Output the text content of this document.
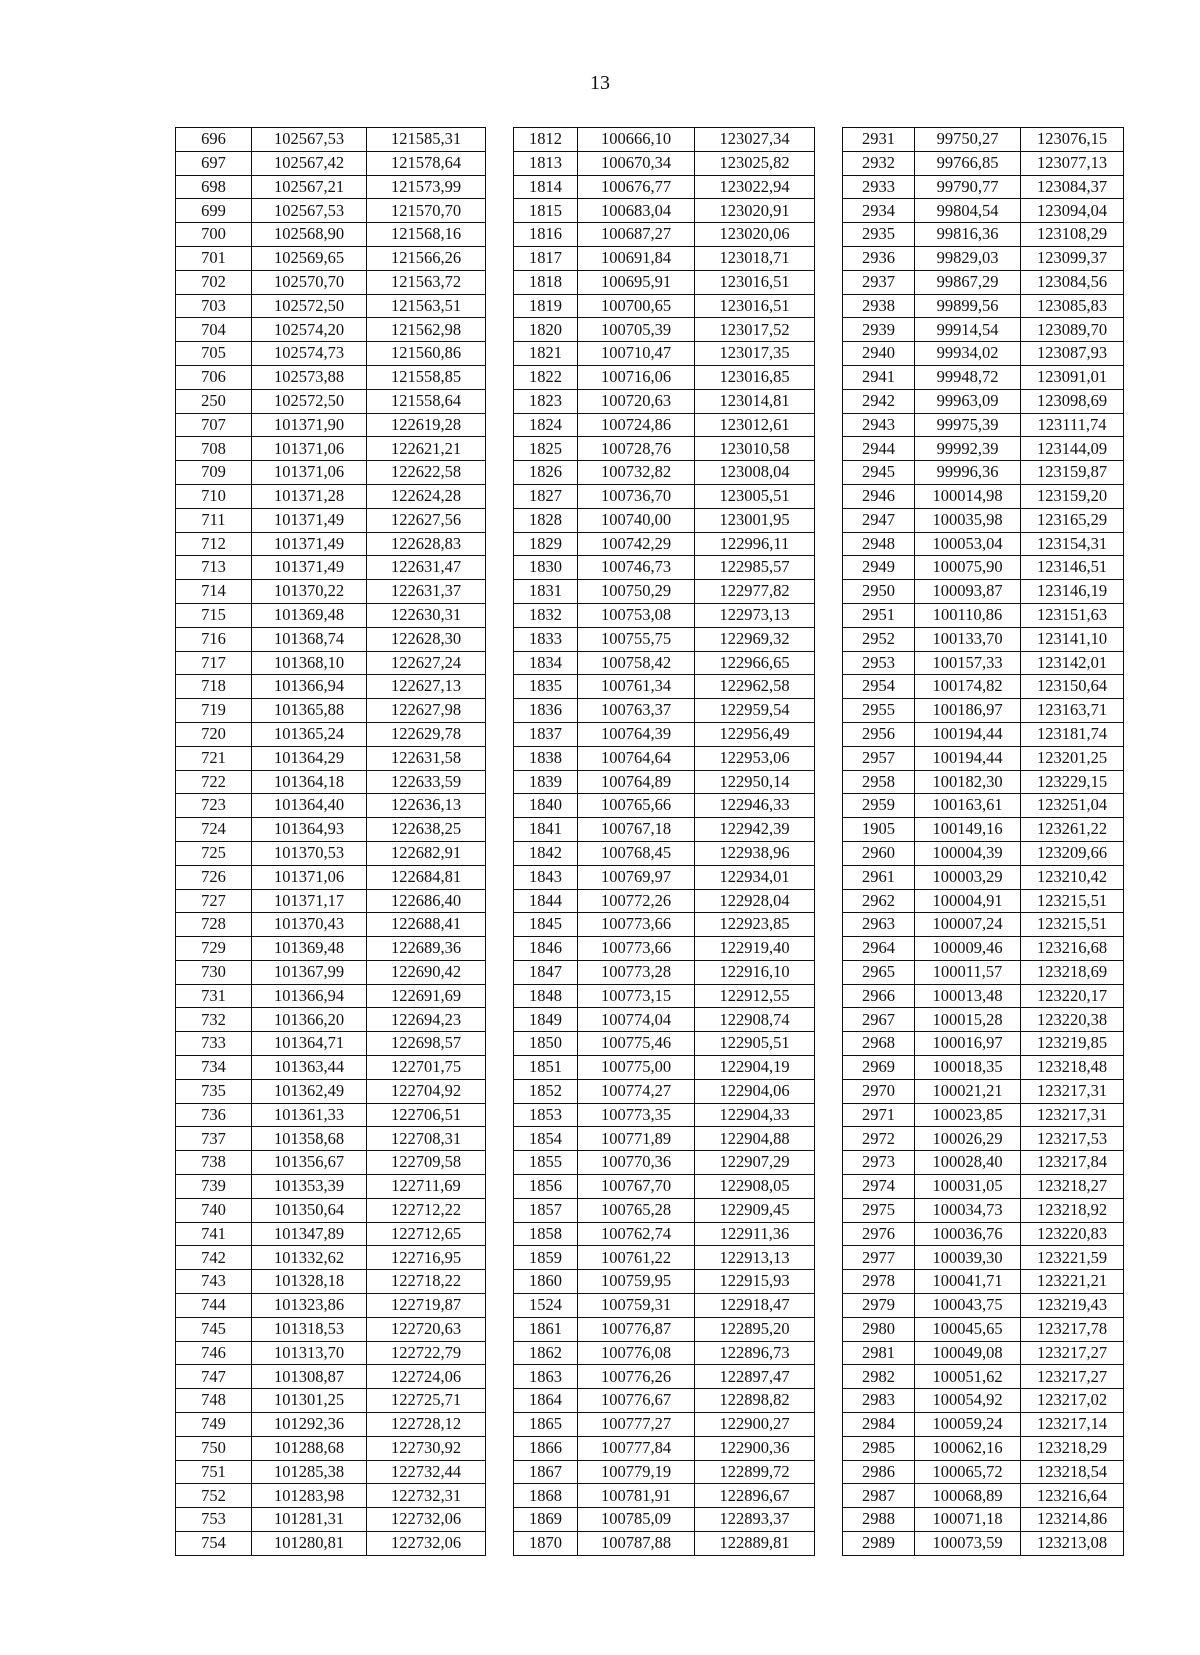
13
696	102567,53	121585,31		1812	100666,10	123027,34		2931	99750,27	123076,15
697	102567,42	121578,64		1813	100670,34	123025,82		2932	99766,85	123077,13
698	102567,21	121573,99		1814	100676,77	123022,94		2933	99790,77	123084,37
699	102567,53	121570,70		1815	100683,04	123020,91		2934	99804,54	123094,04
700	102568,90	121568,16		1816	100687,27	123020,06		2935	99816,36	123108,29
701	102569,65	121566,26		1817	100691,84	123018,71		2936	99829,03	123099,37
702	102570,70	121563,72		1818	100695,91	123016,51		2937	99867,29	123084,56
703	102572,50	121563,51		1819	100700,65	123016,51		2938	99899,56	123085,83
704	102574,20	121562,98		1820	100705,39	123017,52		2939	99914,54	123089,70
705	102574,73	121560,86		1821	100710,47	123017,35		2940	99934,02	123087,93
706	102573,88	121558,85		1822	100716,06	123016,85		2941	99948,72	123091,01
250	102572,50	121558,64		1823	100720,63	123014,81		2942	99963,09	123098,69
707	101371,90	122619,28		1824	100724,86	123012,61		2943	99975,39	123111,74
708	101371,06	122621,21		1825	100728,76	123010,58		2944	99992,39	123144,09
709	101371,06	122622,58		1826	100732,82	123008,04		2945	99996,36	123159,87
710	101371,28	122624,28		1827	100736,70	123005,51		2946	100014,98	123159,20
711	101371,49	122627,56		1828	100740,00	123001,95		2947	100035,98	123165,29
712	101371,49	122628,83		1829	100742,29	122996,11		2948	100053,04	123154,31
713	101371,49	122631,47		1830	100746,73	122985,57		2949	100075,90	123146,51
714	101370,22	122631,37		1831	100750,29	122977,82		2950	100093,87	123146,19
715	101369,48	122630,31		1832	100753,08	122973,13		2951	100110,86	123151,63
716	101368,74	122628,30		1833	100755,75	122969,32		2952	100133,70	123141,10
717	101368,10	122627,24		1834	100758,42	122966,65		2953	100157,33	123142,01
718	101366,94	122627,13		1835	100761,34	122962,58		2954	100174,82	123150,64
719	101365,88	122627,98		1836	100763,37	122959,54		2955	100186,97	123163,71
720	101365,24	122629,78		1837	100764,39	122956,49		2956	100194,44	123181,74
721	101364,29	122631,58		1838	100764,64	122953,06		2957	100194,44	123201,25
722	101364,18	122633,59		1839	100764,89	122950,14		2958	100182,30	123229,15
723	101364,40	122636,13		1840	100765,66	122946,33		2959	100163,61	123251,04
724	101364,93	122638,25		1841	100767,18	122942,39		1905	100149,16	123261,22
725	101370,53	122682,91		1842	100768,45	122938,96		2960	100004,39	123209,66
726	101371,06	122684,81		1843	100769,97	122934,01		2961	100003,29	123210,42
727	101371,17	122686,40		1844	100772,26	122928,04		2962	100004,91	123215,51
728	101370,43	122688,41		1845	100773,66	122923,85		2963	100007,24	123215,51
729	101369,48	122689,36		1846	100773,66	122919,40		2964	100009,46	123216,68
730	101367,99	122690,42		1847	100773,28	122916,10		2965	100011,57	123218,69
731	101366,94	122691,69		1848	100773,15	122912,55		2966	100013,48	123220,17
732	101366,20	122694,23		1849	100774,04	122908,74		2967	100015,28	123220,38
733	101364,71	122698,57		1850	100775,46	122905,51		2968	100016,97	123219,85
734	101363,44	122701,75		1851	100775,00	122904,19		2969	100018,35	123218,48
735	101362,49	122704,92		1852	100774,27	122904,06		2970	100021,21	123217,31
736	101361,33	122706,51		1853	100773,35	122904,33		2971	100023,85	123217,31
737	101358,68	122708,31		1854	100771,89	122904,88		2972	100026,29	123217,53
738	101356,67	122709,58		1855	100770,36	122907,29		2973	100028,40	123217,84
739	101353,39	122711,69		1856	100767,70	122908,05		2974	100031,05	123218,27
740	101350,64	122712,22		1857	100765,28	122909,45		2975	100034,73	123218,92
741	101347,89	122712,65		1858	100762,74	122911,36		2976	100036,76	123220,83
742	101332,62	122716,95		1859	100761,22	122913,13		2977	100039,30	123221,59
743	101328,18	122718,22		1860	100759,95	122915,93		2978	100041,71	123221,21
744	101323,86	122719,87		1524	100759,31	122918,47		2979	100043,75	123219,43
745	101318,53	122720,63		1861	100776,87	122895,20		2980	100045,65	123217,78
746	101313,70	122722,79		1862	100776,08	122896,73		2981	100049,08	123217,27
747	101308,87	122724,06		1863	100776,26	122897,47		2982	100051,62	123217,27
748	101301,25	122725,71		1864	100776,67	122898,82		2983	100054,92	123217,02
749	101292,36	122728,12		1865	100777,27	122900,27		2984	100059,24	123217,14
750	101288,68	122730,92		1866	100777,84	122900,36		2985	100062,16	123218,29
751	101285,38	122732,44		1867	100779,19	122899,72		2986	100065,72	123218,54
752	101283,98	122732,31		1868	100781,91	122896,67		2987	100068,89	123216,64
753	101281,31	122732,06		1869	100785,09	122893,37		2988	100071,18	123214,86
754	101280,81	122732,06		1870	100787,88	122889,81		2989	100073,59	123213,08
